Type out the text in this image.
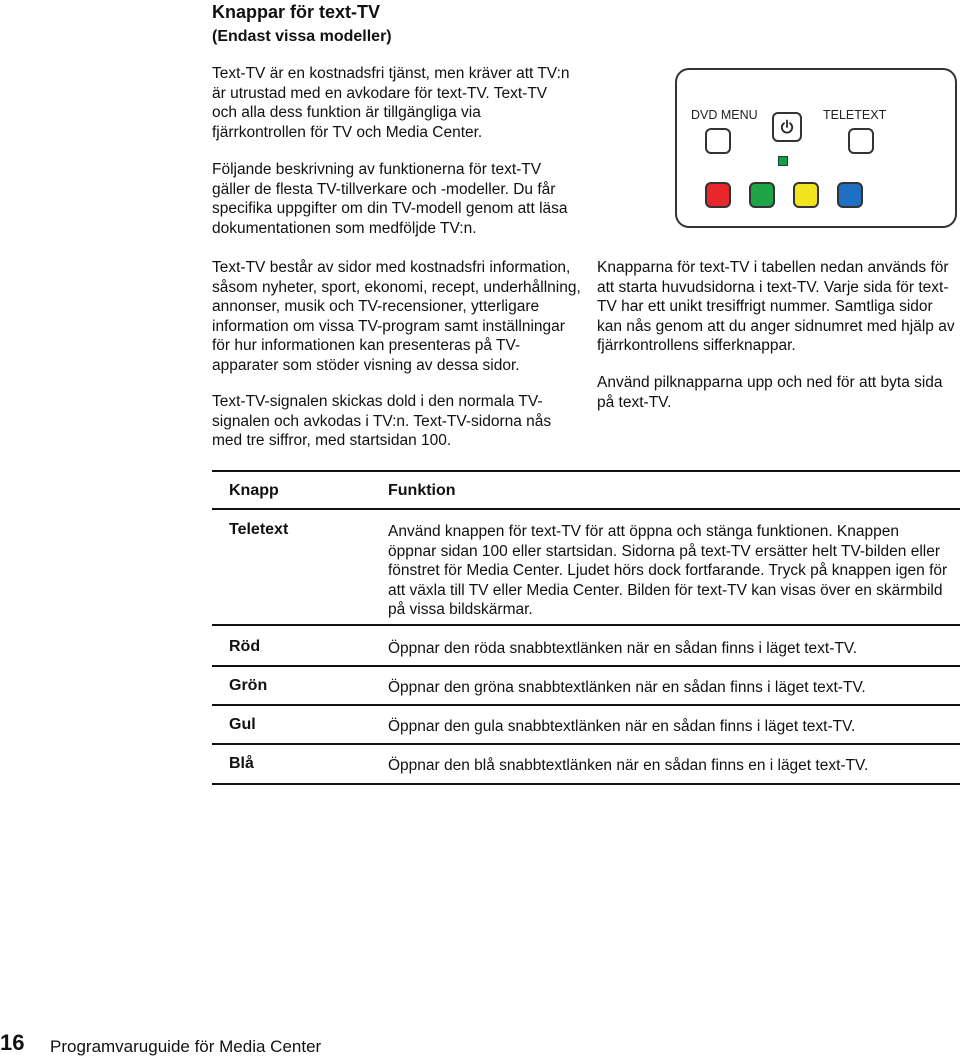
Knappar för text-TV
(Endast vissa modeller)
Text-TV är en kostnadsfri tjänst, men kräver att TV:n är utrustad med en avkodare för text-TV. Text-TV och alla dess funktion är tillgängliga via fjärrkontrollen för TV och Media Center.
Följande beskrivning av funktionerna för text-TV gäller de flesta TV-tillverkare och -modeller. Du får specifika uppgifter om din TV-modell genom att läsa dokumentationen som medföljde TV:n.
Text-TV består av sidor med kostnadsfri information, såsom nyheter, sport, ekonomi, recept, underhållning, annonser, musik och TV-recensioner, ytterligare information om vissa TV-program samt inställningar för hur informationen kan presenteras på TV-apparater som stöder visning av dessa sidor.
Text-TV-signalen skickas dold i den normala TV-signalen och avkodas i TV:n. Text-TV-sidorna nås med tre siffror, med startsidan 100.
Knapparna för text-TV i tabellen nedan används för att starta huvudsidorna i text-TV. Varje sida för text-TV har ett unikt tresiffrigt nummer. Samtliga sidor kan nås genom att du anger sidnumret med hjälp av fjärrkontrollens sifferknappar.
Använd pilknapparna upp och ned för att byta sida på text-TV.
DVD MENU	TELETEXT
Knapp	Funktion
Teletext	Använd knappen för text-TV för att öppna och stänga funktionen. Knappen öppnar sidan 100 eller startsidan. Sidorna på text-TV ersätter helt TV-bilden eller fönstret för Media Center. Ljudet hörs dock fortfarande. Tryck på knappen igen för att växla till TV eller Media Center. Bilden för text-TV kan visas över en skärmbild på vissa bildskärmar.
Röd	Öppnar den röda snabbtextlänken när en sådan finns i läget text-TV.
Grön	Öppnar den gröna snabbtextlänken när en sådan finns i läget text-TV.
Gul	Öppnar den gula snabbtextlänken när en sådan finns i läget text-TV.
Blå	Öppnar den blå snabbtextlänken när en sådan finns en i läget text-TV.
16 Programvaruguide för Media Center
